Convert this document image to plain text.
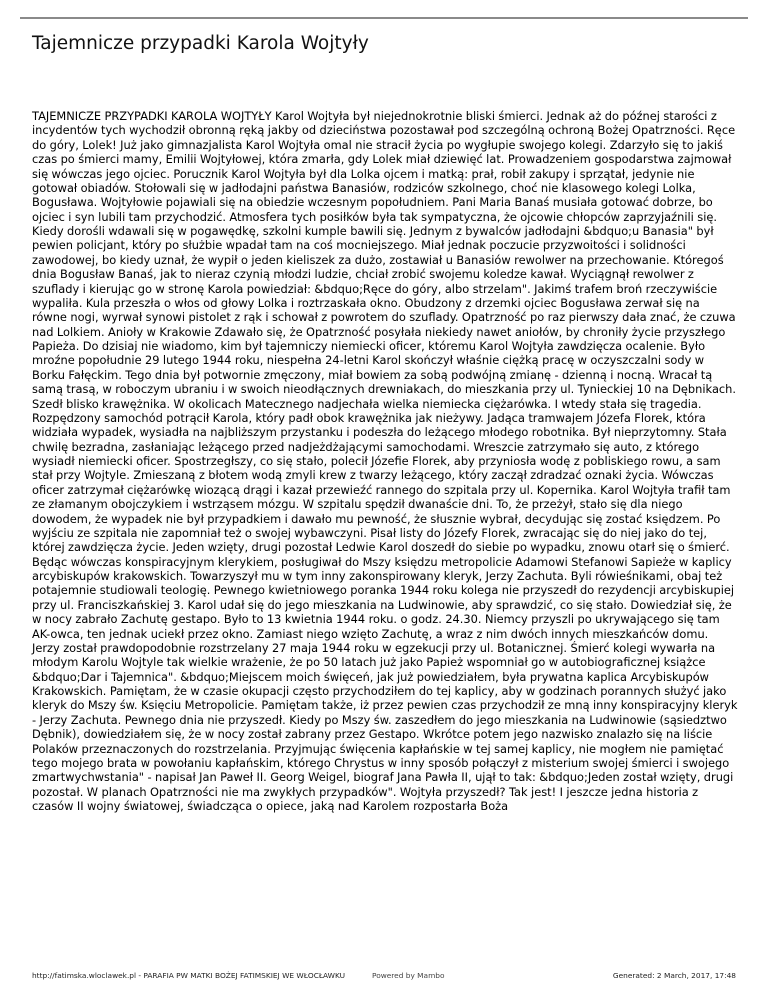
Tajemnicze przypadki Karola Wojtyły

TAJEMNICZE PRZYPADKI KAROLA WOJTYŁY Karol Wojtyła był niejednokrotnie bliski śmierci. Jednak aż do późnej starości z incydentów tych wychodził obronną ręką jakby od dzieciństwa pozostawał pod szczególną ochroną Bożej Opatrzności. Ręce do góry, Lolek! Już jako gimnazjalista Karol Wojtyła omal nie stracił życia po wygłupie swojego kolegi. Zdarzyło się to jakiś czas po śmierci mamy, Emilii Wojtyłowej, która zmarła, gdy Lolek miał dziewięć lat. Prowadzeniem gospodarstwa zajmował się wówczas jego ojciec. Porucznik Karol Wojtyła był dla Lolka ojcem i matką: prał, robił zakupy i sprzątał, jedynie nie gotował obiadów. Stołowali się w jadłodajni państwa Banasiów, rodziców szkolnego, choć nie klasowego kolegi Lolka, Bogusława. Wojtyłowie pojawiali się na obiedzie wczesnym popołudniem. Pani Maria Banaś musiała gotować dobrze, bo ojciec i syn lubili tam przychodzić. Atmosfera tych posiłków była tak sympatyczna, że ojcowie chłopców zaprzyjaźnili się. Kiedy dorośli wdawali się w pogawędkę, szkolni kumple bawili się. Jednym z bywalców jadłodajni &bdquo;u Banasia" był pewien policjant, który po służbie wpadał tam na coś mocniejszego. Miał jednak poczucie przyzwoitości i solidności zawodowej, bo kiedy uznał, że wypił o jeden kieliszek za dużo, zostawiał u Banasiów rewolwer na przechowanie. Któregoś dnia Bogusław Banaś, jak to nieraz czynią młodzi ludzie, chciał zrobić swojemu koledze kawał. Wyciągnął rewolwer z szuflady i kierując go w stronę Karola powiedział: &bdquo;Ręce do góry, albo strzelam". Jakimś trafem broń rzeczywiście wypaliła. Kula przeszła o włos od głowy Lolka i roztrzaskała okno. Obudzony z drzemki ojciec Bogusława zerwał się na równe nogi, wyrwał synowi pistolet z rąk i schował z powrotem do szuflady. Opatrzność po raz pierwszy dała znać, że czuwa nad Lolkiem. Anioły w Krakowie Zdawało się, że Opatrzność posyłała niekiedy nawet aniołów, by chroniły życie przyszłego Papieża. Do dzisiaj nie wiadomo, kim był tajemniczy niemiecki oficer, któremu Karol Wojtyła zawdzięcza ocalenie. Było mroźne popołudnie 29 lutego 1944 roku, niespełna 24-letni Karol skończył właśnie ciężką pracę w oczyszczalni sody w Borku Fałęckim. Tego dnia był potwornie zmęczony, miał bowiem za sobą podwójną zmianę - dzienną i nocną. Wracał tą samą trasą, w roboczym ubraniu i w swoich nieodłącznych drewniakach, do mieszkania przy ul. Tynieckiej 10 na Dębnikach. Szedł blisko krawężnika. W okolicach Matecznego nadjechała wielka niemiecka ciężarówka. I wtedy stała się tragedia. Rozpędzony samochód potrącił Karola, który padł obok krawężnika jak nieżywy. Jadąca tramwajem Józefa Florek, która widziała wypadek, wysiadła na najbliższym przystanku i podeszła do leżącego młodego robotnika. Był nieprzytomny. Stała chwilę bezradna, zasłaniając leżącego przed nadjeżdżającymi samochodami. Wreszcie zatrzymało się auto, z którego wysiadł niemiecki oficer. Spostrzegłszy, co się stało, polecił Józefie Florek, aby przyniosła wodę z pobliskiego rowu, a sam stał przy Wojtyle. Zmieszaną z błotem wodą zmyli krew z twarzy leżącego, który zaczął zdradzać oznaki życia. Wówczas oficer zatrzymał ciężarówkę wiozącą drągi i kazał przewieźć rannego do szpitala przy ul. Kopernika. Karol Wojtyła trafił tam ze złamanym obojczykiem i wstrząsem mózgu. W szpitalu spędził dwanaście dni. To, że przeżył, stało się dla niego dowodem, że wypadek nie był przypadkiem i dawało mu pewność, że słusznie wybrał, decydując się zostać księdzem. Po wyjściu ze szpitala nie zapomniał też o swojej wybawczyni. Pisał listy do Józefy Florek, zwracając się do niej jako do tej, której zawdzięcza życie. Jeden wzięty, drugi pozostał Ledwie Karol doszedł do siebie po wypadku, znowu otarł się o śmierć. Będąc wówczas konspiracyjnym klerykiem, posługiwał do Mszy księdzu metropolicie Adamowi Stefanowi Sapieże w kaplicy arcybiskupów krakowskich. Towarzyszył mu w tym inny zakonspirowany kleryk, Jerzy Zachuta. Byli rówieśnikami, obaj też potajemnie studiowali teologię. Pewnego kwietniowego poranka 1944 roku kolega nie przyszedł do rezydencji arcybiskupiej przy ul. Franciszkańskiej 3. Karol udał się do jego mieszkania na Ludwinowie, aby sprawdzić, co się stało. Dowiedział się, że w nocy zabrało Zachutę gestapo. Było to 13 kwietnia 1944 roku. o godz. 24.30. Niemcy przyszli po ukrywającego się tam AK-owca, ten jednak uciekł przez okno. Zamiast niego wzięto Zachutę, a wraz z nim dwóch innych mieszkańców domu. Jerzy został prawdopodobnie rozstrzelany 27 maja 1944 roku w egzekucji przy ul. Botanicznej. Śmierć kolegi wywarła na młodym Karolu Wojtyle tak wielkie wrażenie, że po 50 latach już jako Papież wspomniał go w autobiograficznej książce &bdquo;Dar i Tajemnica". &bdquo;Miejscem moich święceń, jak już powiedziałem, była prywatna kaplica Arcybiskupów Krakowskich. Pamiętam, że w czasie okupacji często przychodziłem do tej kaplicy, aby w godzinach porannych służyć jako kleryk do Mszy św. Księciu Metropolicie. Pamiętam także, iż przez pewien czas przychodził ze mną inny konspiracyjny kleryk - Jerzy Zachuta. Pewnego dnia nie przyszedł. Kiedy po Mszy św. zaszedłem do jego mieszkania na Ludwinowie (sąsiedztwo Dębnik), dowiedziałem się, że w nocy został zabrany przez Gestapo. Wkrótce potem jego nazwisko znalazło się na liście Polaków przeznaczonych do rozstrzelania. Przyjmując święcenia kapłańskie w tej samej kaplicy, nie mogłem nie pamiętać tego mojego brata w powołaniu kapłańskim, którego Chrystus w inny sposób połączył z misterium swojej śmierci i swojego zmartwychwstania" - napisał Jan Paweł II. Georg Weigel, biograf Jana Pawła II, ujął to tak: &bdquo;Jeden został wzięty, drugi pozostał. W planach Opatrzności nie ma zwykłych przypadków". Wojtyła przyszedł? Tak jest! I jeszcze jedna historia z czasów II wojny światowej, świadcząca o opiece, jaką nad Karolem rozpostarła Boża

http://fatimska.wloclawek.pl - PARAFIA PW MATKI BOŻEJ FATIMSKIEJ WE WŁOCŁAWKU	Powered by Mambo	Generated: 2 March, 2017, 17:48
